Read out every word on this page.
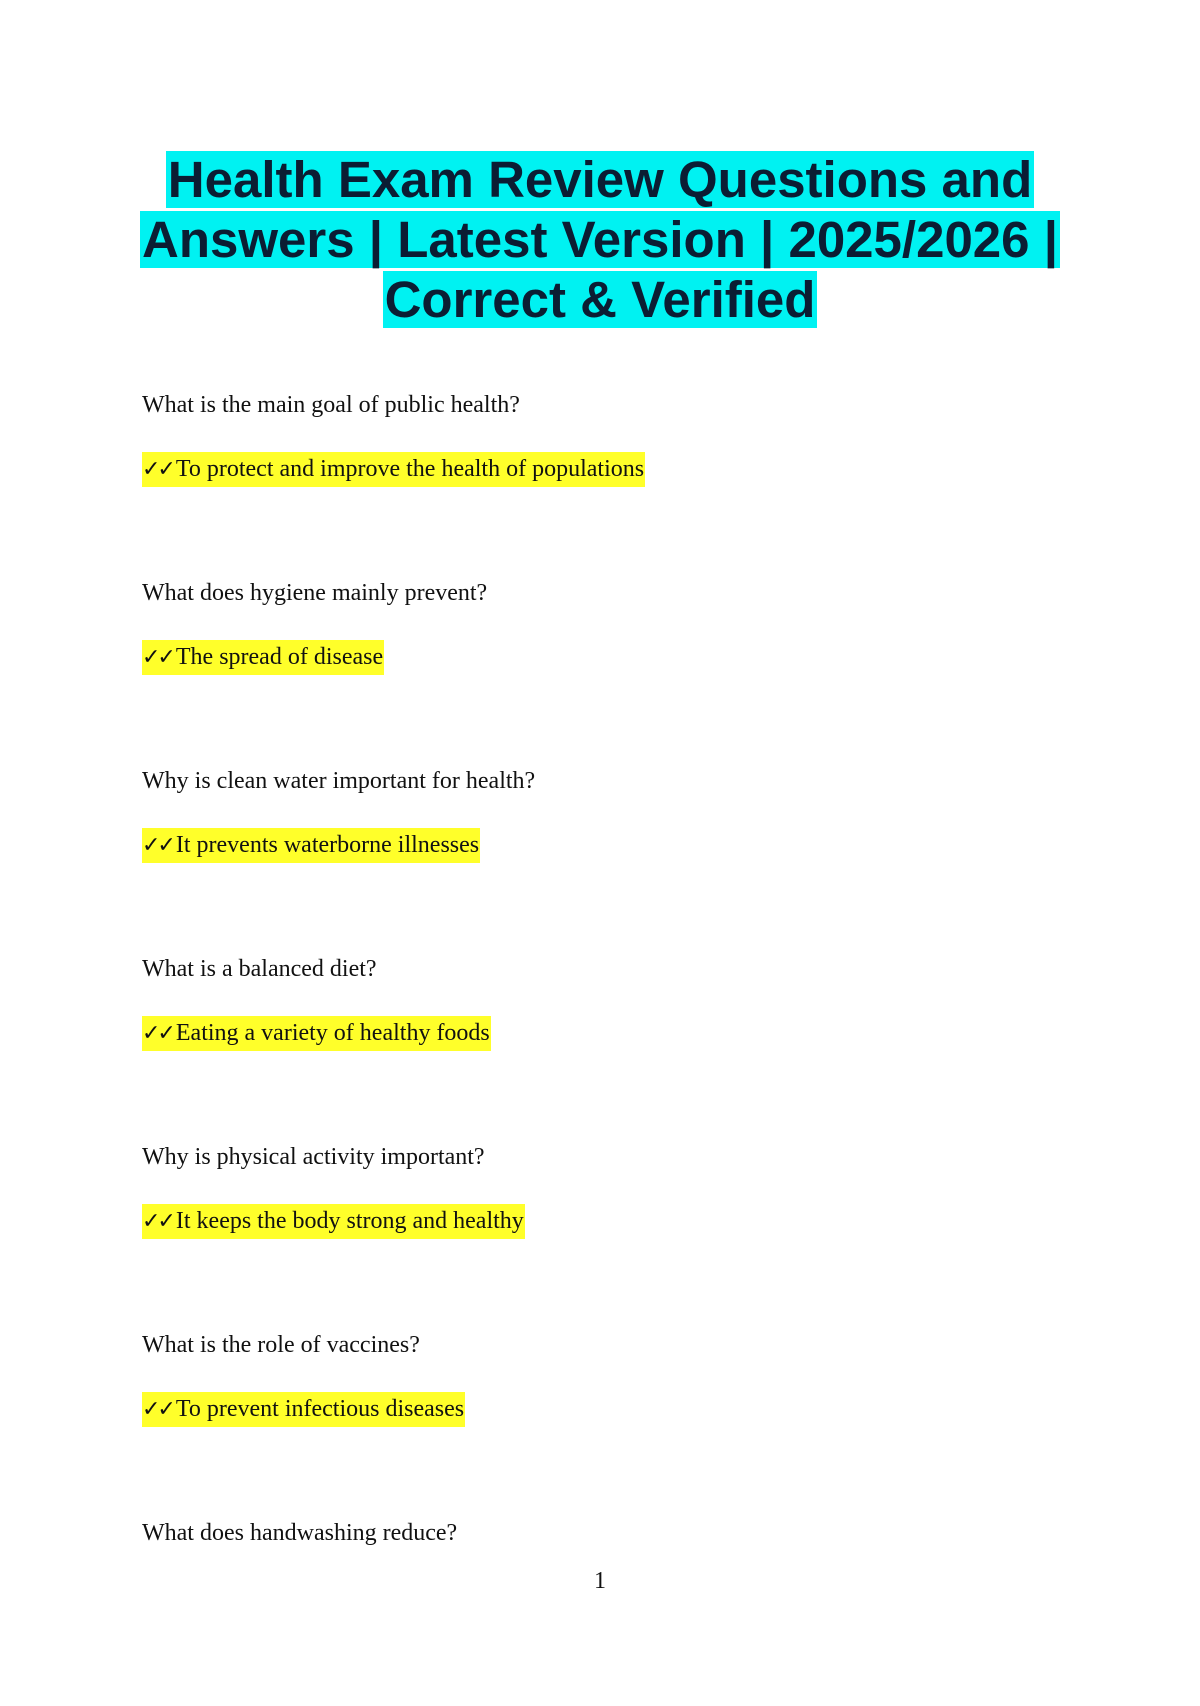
Health Exam Review Questions and
Answers | Latest Version | 2025/2026 |
Correct & Verified
What is the main goal of public health?
✓✓ To protect and improve the health of populations
What does hygiene mainly prevent?
✓✓ The spread of disease
Why is clean water important for health?
✓✓ It prevents waterborne illnesses
What is a balanced diet?
✓✓ Eating a variety of healthy foods
Why is physical activity important?
✓✓ It keeps the body strong and healthy
What is the role of vaccines?
✓✓ To prevent infectious diseases
What does handwashing reduce?
1
